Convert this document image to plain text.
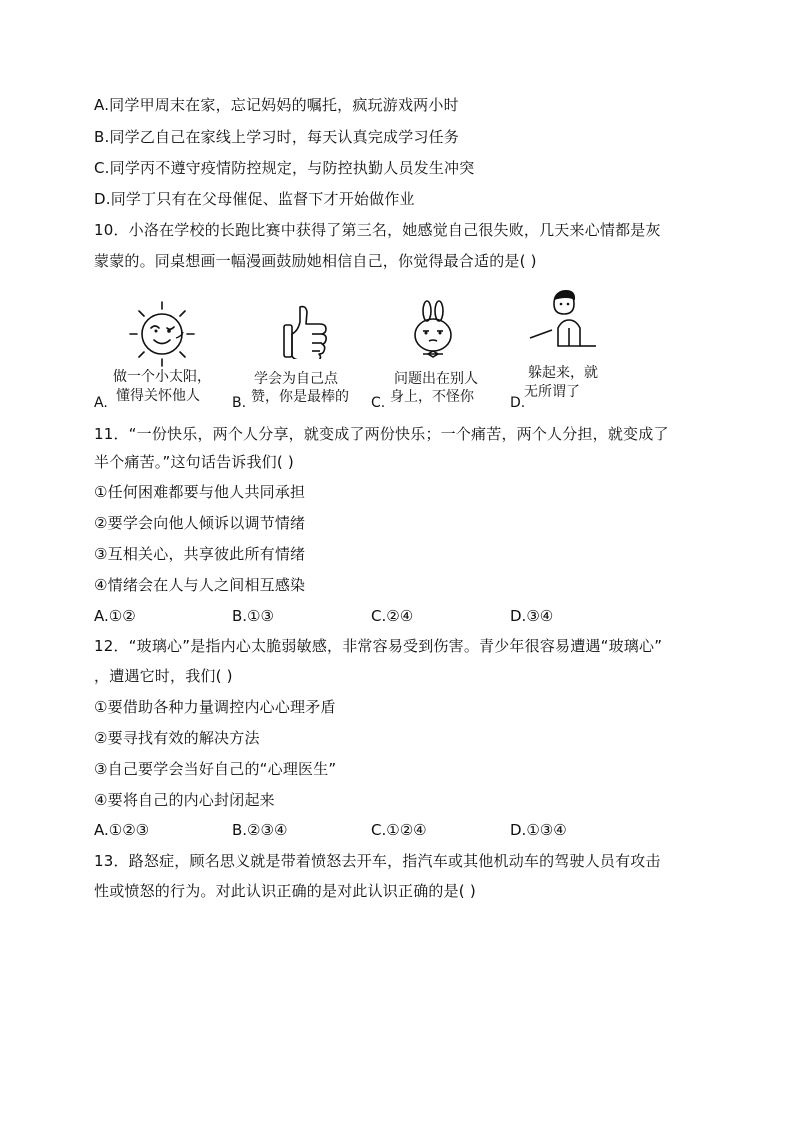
A.同学甲周末在家，忘记妈妈的嘱托，疯玩游戏两小时
B.同学乙自己在家线上学习时，每天认真完成学习任务
C.同学丙不遵守疫情防控规定，与防控执勤人员发生冲突
D.同学丁只有在父母催促、监督下才开始做作业
10．小洛在学校的长跑比赛中获得了第三名，她感觉自己很失败，几天来心情都是灰
蒙蒙的。同桌想画一幅漫画鼓励她相信自己，你觉得最合适的是( )
A.
做一个小太阳，
懂得关怀他人 B.
学会为自己点
赞，你是最棒的 C.
问题出在别人
身上，不怪你	D.
躲起来，就
无所谓了
11．“一份快乐，两个人分享，就变成了两份快乐；一个痛苦，两个人分担，就变成了
半个痛苦。”这句话告诉我们( )
①任何困难都要与他人共同承担
②要学会向他人倾诉以调节情绪
③互相关心，共享彼此所有情绪
④情绪会在人与人之间相互感染
A.①②	B.①③	C.②④	D.③④
12．“玻璃心”是指内心太脆弱敏感，非常容易受到伤害。青少年很容易遭遇“玻璃心”
，遭遇它时，我们( )
①要借助各种力量调控内心心理矛盾
②要寻找有效的解决方法
③自己要学会当好自己的“心理医生”
④要将自己的内心封闭起来
A.①②③	B.②③④	C.①②④	D.①③④
13．路怒症，顾名思义就是带着愤怒去开车，指汽车或其他机动车的驾驶人员有攻击
性或愤怒的行为。对此认识正确的是对此认识正确的是( )
